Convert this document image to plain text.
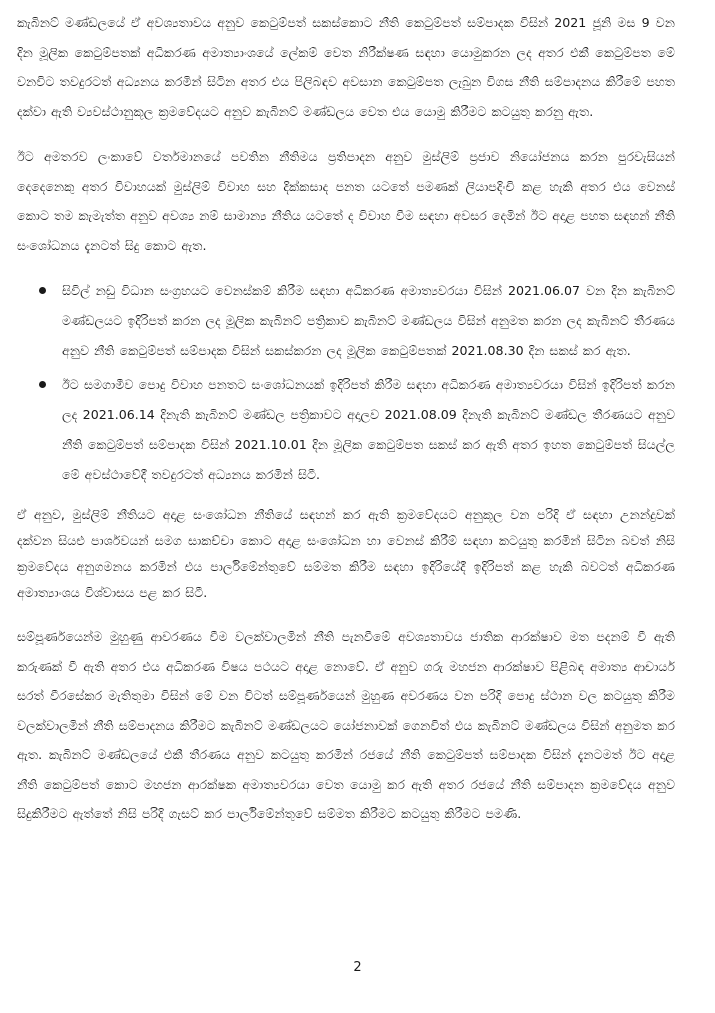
කැබිනට් මණ්ඩලයේ ඒ අවශ්‍යතාවය අනුව කෙටුම්පත් සකස්කොට නීති කෙටුම්පත් සම්පාදක විසින් 2021 ජූනි මස 9 වන දින මූලික කෙටුම්පතක් අධිකරණ අමාත්‍යාංශයේ ලේකම් වෙත නිරීක්ෂණ සඳහා යොමුකරන ලද අතර එකී කෙටුම්පත මේ වනවිට තවදුරටත් අධ්‍යනය කරමින් සිටින අතර එය පිලිබඳව අවසාන කෙටුම්පත ලැබුන විගස නීති සම්පාදනය කිරීමේ පහත දක්වා ඇති ව්‍යවස්ථානුකූල ක්‍රමවේදයට අනුව කැබිනට් මණ්ඩලය වෙත එය යොමු කිරීමට කටයුතු කරනු ඇත.

ඊට අමතරව ලංකාවේ වර්තමානයේ පවතින නීතිමය ප්‍රතිපාදන අනුව මුස්ලිම් ප්‍රජාව නියෝජනය කරන පුරවැසියන් දෙදෙනෙකු අතර විවාහයක් මුස්ලිම් විවාහ සහ දික්කසාද පනත යටතේ පමණක් ලියාපදිංචි කළ හැකි අතර එය වෙනස් කොට තම කැමැත්ත අනුව අවශ්‍ය නම් සාමාන්‍ය නීතිය යටතේ ද විවාහ වීම සඳහා අවසර දෙමින් ඊට අදාළ පහත සඳහන් නීති සංශෝධනය දැනටත් සිදු කොට ඇත.

සිවිල් නඩු විධාන සංග්‍රහයට වෙනස්කම් කිරීම සඳහා අධිකරණ අමාත්‍යවරයා විසින් 2021.06.07 වන දින කැබිනට් මණ්ඩලයට ඉදිරිපත් කරන ලද මූලික කැබිනට් පත්‍රිකාව කැබිනට් මණ්ඩලය විසින් අනුමත කරන ලද කැබිනට් තීරණය අනුව නීති කෙටුම්පත් සම්පාදක විසින් සකස්කරන ලද මූලික කෙටුම්පතක් 2021.08.30 දින සකස් කර ඇත.
ඊට සමගාමීව පොදු විවාහ පනතට සංශෝධනයක් ඉදිරිපත් කිරීම සඳහා අධිකරණ අමාත්‍යවරයා විසින් ඉදිරිපත් කරන ලද 2021.06.14 දිනැති කැබිනට් මණ්ඩල පත්‍රිකාවට අදාලව 2021.08.09 දිනැති කැබිනට් මණ්ඩල තීරණයට අනුව නීති කෙටුම්පත් සම්පාදක විසින් 2021.10.01 දින මූලික කෙටුම්පත සකස් කර ඇති අතර ඉහත කෙටුම්පත් සියල්ල මේ අවස්ථාවේදී තවදුරටත් අධ්‍යනය කරමින් සිටී.

ඒ අනුව, මුස්ලිම් නීතියට අදාළ සංශෝධන නීතියේ සඳහන් කර ඇති ක්‍රමවේදයට අනුකූල වන පරිදි ඒ සඳහා උනන්දුවක් දක්වන සියළු පාර්ශවයන් සමග සාකච්චා කොට අදාළ සංශෝධන හා වෙනස් කිරීම් සඳහා කටයුතු කරමින් සිටින බවත් නිසි ක්‍රමවේදය අනුගමනය කරමින් එය පාර්ලිමේන්තුවේ සම්මත කිරීම සඳහා ඉදිරියේදී ඉදිරිපත් කළ හැකි බවටත් අධිකරණ අමාත්‍යාංශය විශ්වාසය පළ කර සිටී.

සම්පූර්ණයෙන්ම මුහුණු ආවරණය වීම වලක්වාලමින් නීති පැනවීමේ අවශ්‍යතාවය ජාතික ආරක්ෂාව මත පදනම් වී ඇති කරුණක් වී ඇති අතර එය අධිකරණ විෂය පථයට අදාළ නොවේ. ඒ අනුව ගරු මහජන ආරක්ෂාව පිළිබඳ අමාත්‍ය ආචාර්ය සරත් වීරසේකර මැතිතුමා විසින් මේ වන විටත් සම්පූර්ණයෙන් මුහුණ අවරණය වන පරිදි පොදු ස්ථාන වල කටයුතු කිරීම වලක්වාලමින් නීති සම්පාදනය කිරීමට කැබිනට් මණ්ඩලයට යෝජනාවක් ගෙනවිත් එය කැබිනට් මණ්ඩලය විසින් අනුමත කර ඇත. කැබිනට් මණ්ඩලයේ එකී තීරණය අනුව කටයුතු කරමින් රජයේ නීති කෙටුම්පත් සම්පාදක විසින් දැනටමත් ඊට අදාළ නීති කෙටුම්පත් කොට මහජන ආරක්ෂක අමාත්‍යවරයා වෙත යොමු කර ඇති අතර රජයේ නීති සම්පාදන ක්‍රමවේදය අනුව සිදුකිරීමට ඇත්තේ නිසි පරිදි ගැසට් කර පාර්ලිමේන්තුවේ සම්මත කිරීමට කටයුතු කිරීමට පමණි.

2
